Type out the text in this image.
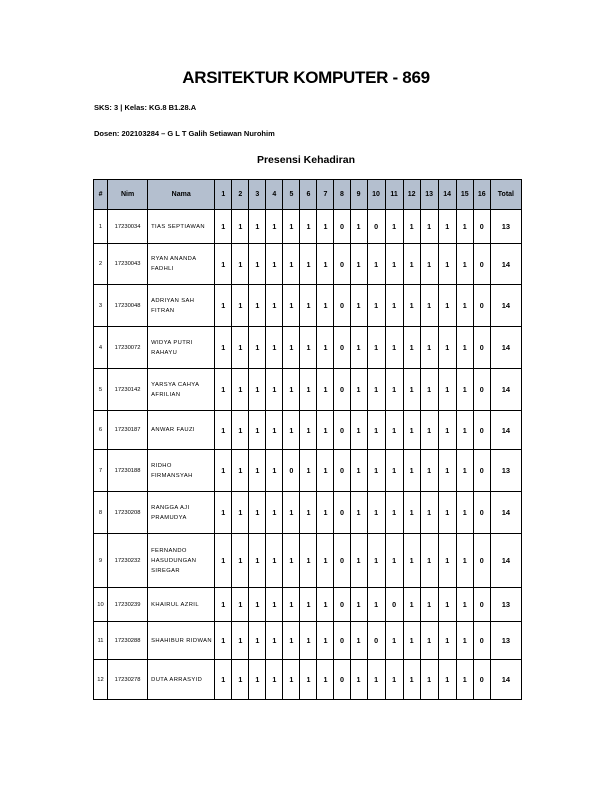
ARSITEKTUR KOMPUTER - 869
SKS: 3 | Kelas: KG.8 B1.28.A
Dosen: 202103284 – G L T Galih Setiawan Nurohim
Presensi Kehadiran
#	Nim	Nama	1	2	3	4	5	6	7	8	9	10	11	12	13	14	15	16	Total
1	17230034	TIAS SEPTIAWAN	1	1	1	1	1	1	1	0	1	0	1	1	1	1	1	0	13
2	17230043	RYAN ANANDA FADHLI	1	1	1	1	1	1	1	0	1	1	1	1	1	1	1	0	14
3	17230048	ADRIYAN SAH FITRAN	1	1	1	1	1	1	1	0	1	1	1	1	1	1	1	0	14
4	17230072	WIDYA PUTRI RAHAYU	1	1	1	1	1	1	1	0	1	1	1	1	1	1	1	0	14
5	17230142	YARSYA CAHYA AFRILIAN	1	1	1	1	1	1	1	0	1	1	1	1	1	1	1	0	14
6	17230187	ANWAR FAUZI	1	1	1	1	1	1	1	0	1	1	1	1	1	1	1	0	14
7	17230188	RIDHO FIRMANSYAH	1	1	1	1	0	1	1	0	1	1	1	1	1	1	1	0	13
8	17230208	RANGGA AJI PRAMUDYA	1	1	1	1	1	1	1	0	1	1	1	1	1	1	1	0	14
9	17230232	FERNANDO HASUDUNGAN SIREGAR	1	1	1	1	1	1	1	0	1	1	1	1	1	1	1	0	14
10	17230239	KHAIRUL AZRIL	1	1	1	1	1	1	1	0	1	1	0	1	1	1	1	0	13
11	17230288	SHAHIBUR RIDWAN	1	1	1	1	1	1	1	0	1	0	1	1	1	1	1	0	13
12	17230278	DUTA ARRASYID	1	1	1	1	1	1	1	0	1	1	1	1	1	1	1	0	14
